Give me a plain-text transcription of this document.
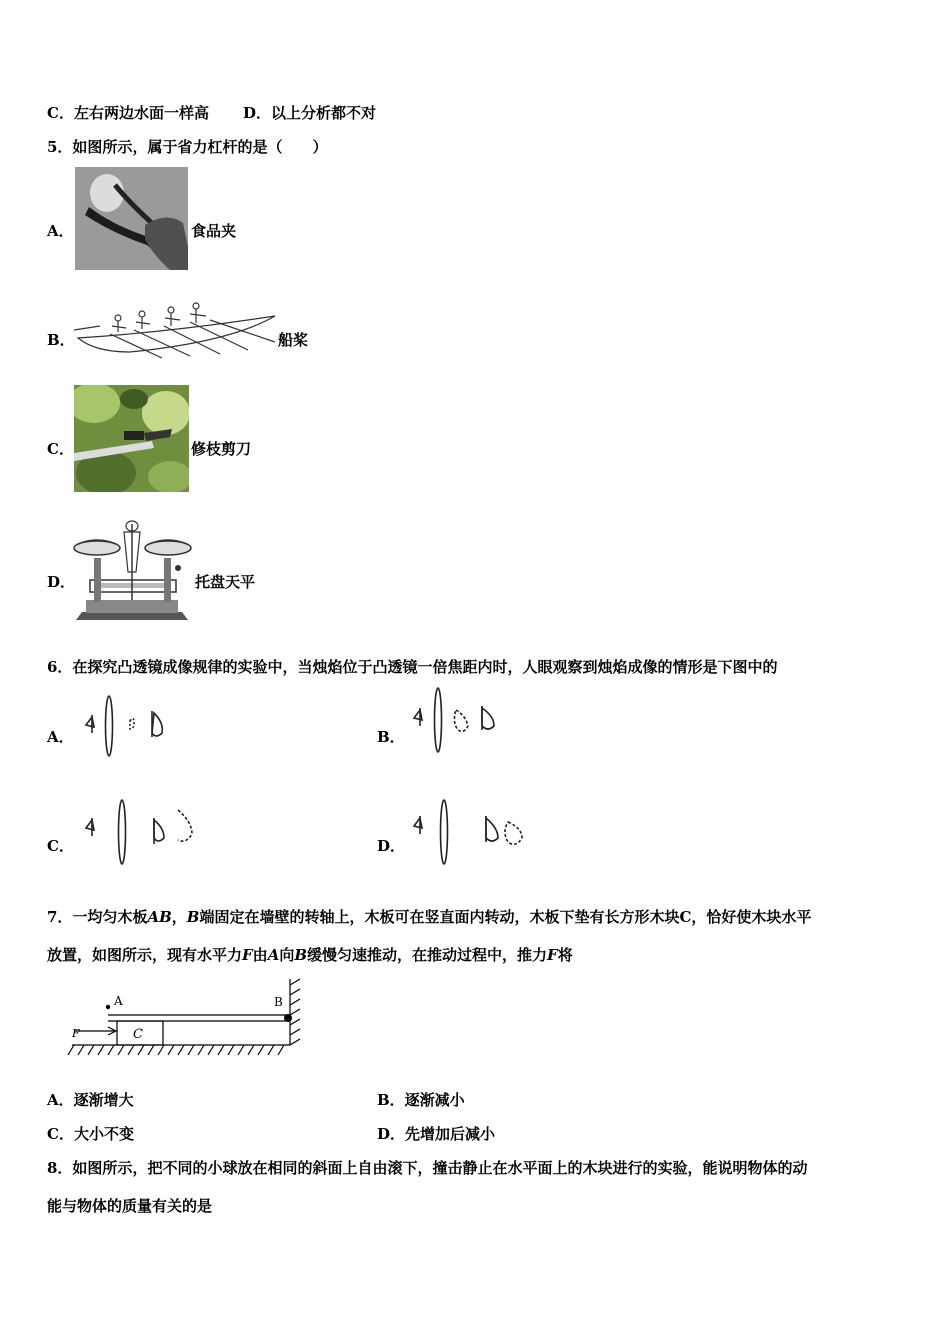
C．左右两边水面一样高 D．以上分析都不对
5．如图所示，属于省力杠杆的是（　　）
A．	食品夹
B．	船桨
C．	修枝剪刀
D．	托盘天平
6．在探究凸透镜成像规律的实验中，当烛焰位于凸透镜一倍焦距内时，人眼观察到烛焰成像的情形是下图中的
A．	B．
C．	D．
7．一均匀木板AB，B端固定在墙壁的转轴上，木板可在竖直面内转动，木板下垫有长方形木块C，恰好使木块水平
放置，如图所示，现有水平力F由A向B缓慢匀速推动，在推动过程中，推力F将
A	B
C
F
A．逐渐增大	B．逐渐减小
C．大小不变	D．先增加后减小
8．如图所示，把不同的小球放在相同的斜面上自由滚下，撞击静止在水平面上的木块进行的实验，能说明物体的动
能与物体的质量有关的是
